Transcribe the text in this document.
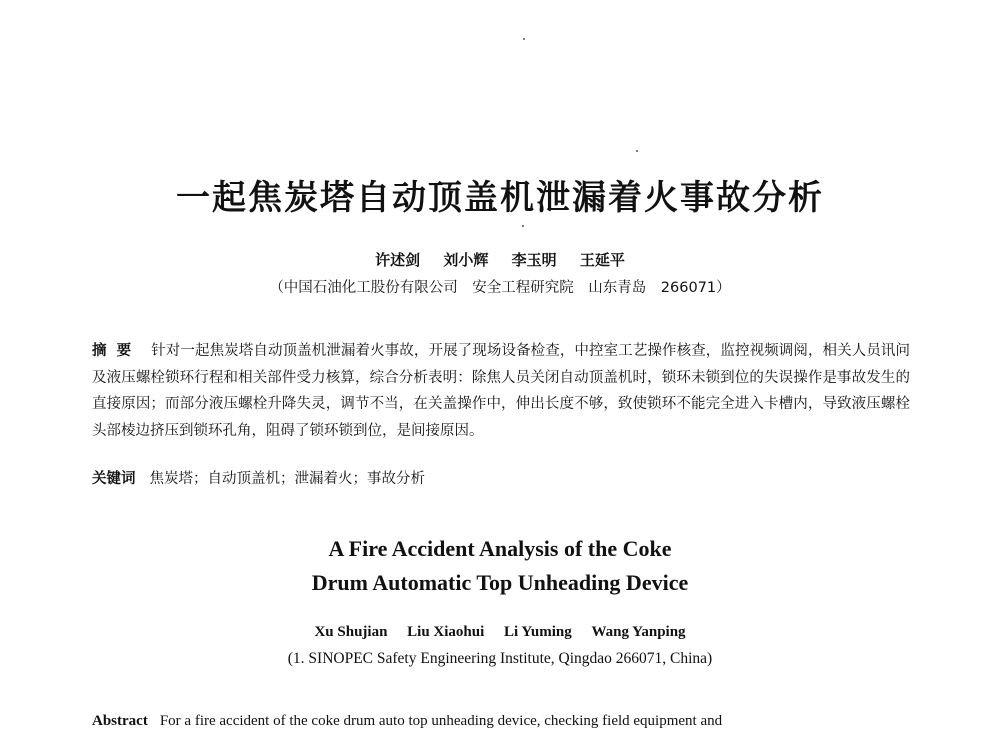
一起焦炭塔自动顶盖机泄漏着火事故分析
许述剑 刘小辉 李玉明 王延平
（中国石油化工股份有限公司　安全工程研究院　山东青岛　266071）
摘要 针对一起焦炭塔自动顶盖机泄漏着火事故，开展了现场设备检查，中控室工艺操作核查，监控视频调阅，相关人员讯问及液压螺栓锁环行程和相关部件受力核算，综合分析表明：除焦人员关闭自动顶盖机时，锁环未锁到位的失误操作是事故发生的直接原因；而部分液压螺栓升降失灵，调节不当，在关盖操作中，伸出长度不够，致使锁环不能完全进入卡槽内，导致液压螺栓头部棱边挤压到锁环孔角，阻碍了锁环锁到位，是间接原因。
关键词 焦炭塔；自动顶盖机；泄漏着火；事故分析
A Fire Accident Analysis of the Coke
Drum Automatic Top Unheading Device
Xu Shujian Liu Xiaohui Li Yuming Wang Yanping
(1. SINOPEC Safety Engineering Institute, Qingdao 266071, China)
Abstract For a fire accident of the coke drum auto top unheading device, checking field equipment and
